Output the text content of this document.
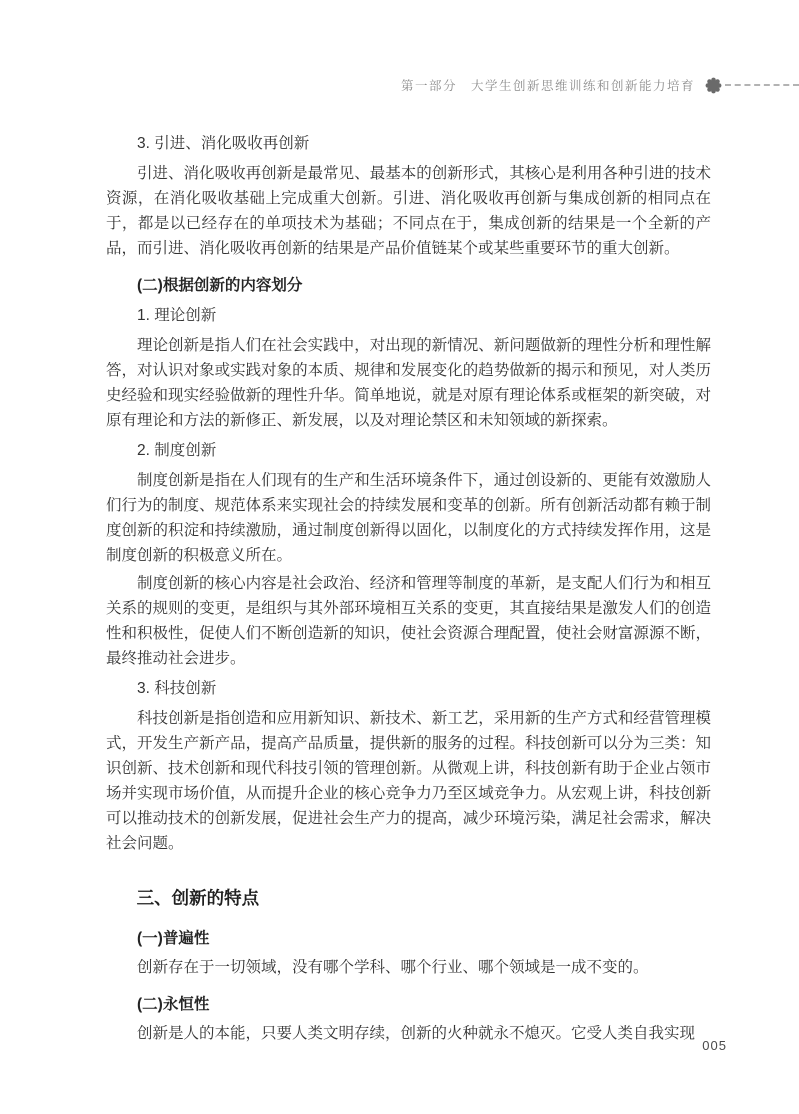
第一部分 大学生创新思维训练和创新能力培育
3. 引进、消化吸收再创新

引进、消化吸收再创新是最常见、最基本的创新形式，其核心是利用各种引进的技术资源，在消化吸收基础上完成重大创新。引进、消化吸收再创新与集成创新的相同点在于，都是以已经存在的单项技术为基础；不同点在于，集成创新的结果是一个全新的产品，而引进、消化吸收再创新的结果是产品价值链某个或某些重要环节的重大创新。

(二)根据创新的内容划分
1. 理论创新

理论创新是指人们在社会实践中，对出现的新情况、新问题做新的理性分析和理性解答，对认识对象或实践对象的本质、规律和发展变化的趋势做新的揭示和预见，对人类历史经验和现实经验做新的理性升华。简单地说，就是对原有理论体系或框架的新突破，对原有理论和方法的新修正、新发展，以及对理论禁区和未知领域的新探索。

2. 制度创新

制度创新是指在人们现有的生产和生活环境条件下，通过创设新的、更能有效激励人们行为的制度、规范体系来实现社会的持续发展和变革的创新。所有创新活动都有赖于制度创新的积淀和持续激励，通过制度创新得以固化，以制度化的方式持续发挥作用，这是制度创新的积极意义所在。

制度创新的核心内容是社会政治、经济和管理等制度的革新，是支配人们行为和相互关系的规则的变更，是组织与其外部环境相互关系的变更，其直接结果是激发人们的创造性和积极性，促使人们不断创造新的知识，使社会资源合理配置，使社会财富源源不断，最终推动社会进步。

3. 科技创新

科技创新是指创造和应用新知识、新技术、新工艺，采用新的生产方式和经营管理模式，开发生产新产品，提高产品质量，提供新的服务的过程。科技创新可以分为三类：知识创新、技术创新和现代科技引领的管理创新。从微观上讲，科技创新有助于企业占领市场并实现市场价值，从而提升企业的核心竞争力乃至区域竞争力。从宏观上讲，科技创新可以推动技术的创新发展，促进社会生产力的提高，减少环境污染，满足社会需求，解决社会问题。

三、创新的特点
(一)普遍性

创新存在于一切领域，没有哪个学科、哪个行业、哪个领域是一成不变的。

(二)永恒性

创新是人的本能，只要人类文明存续，创新的火种就永不熄灭。它受人类自我实现

005
